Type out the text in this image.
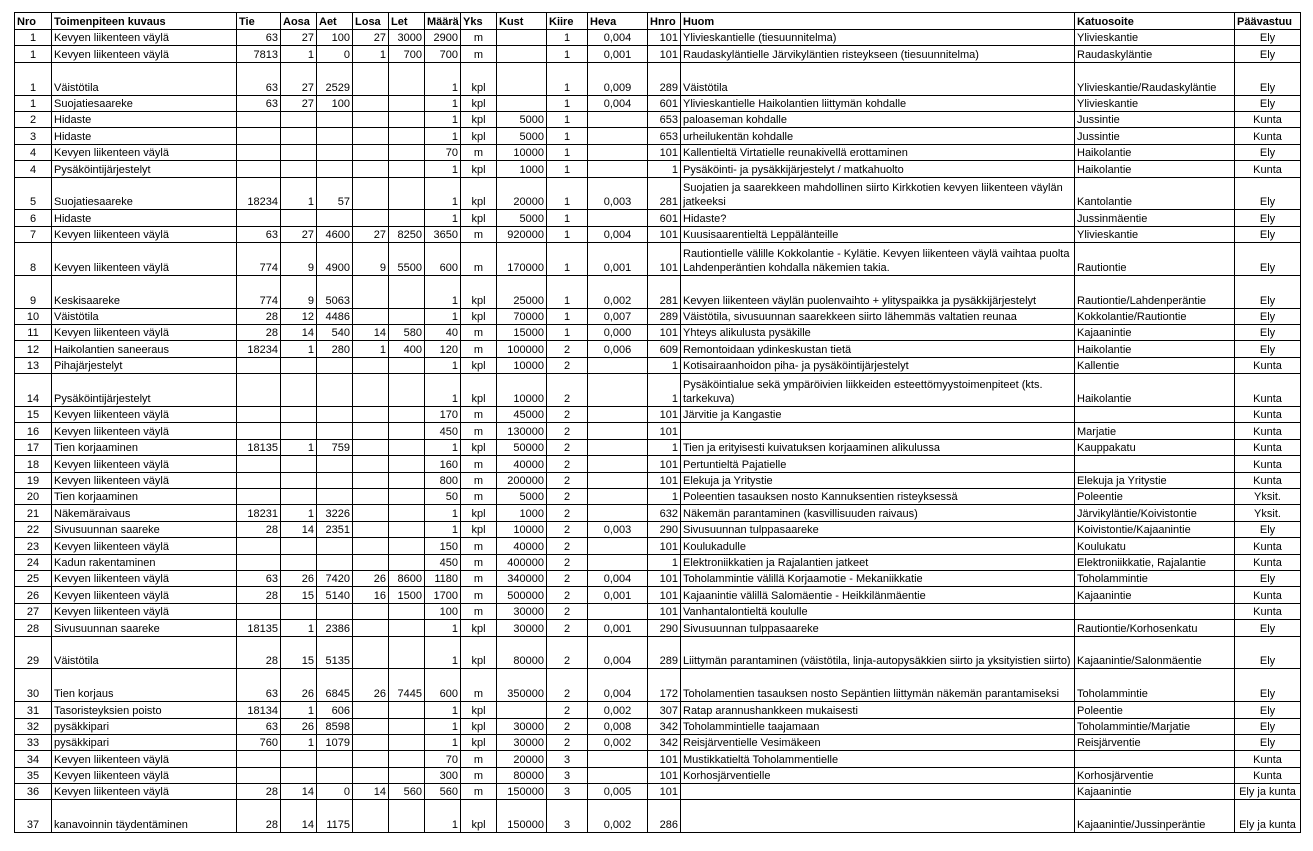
Nro	Toimenpiteen kuvaus	Tie	Aosa	Aet	Losa	Let	Määrä	Yks	Kust	Kiire	Heva	Hnro	Huom	Katuosoite	Päävastuu
1	Kevyen liikenteen väylä	63	27	100	27	3000	2900	m		1	0,004	101	Ylivieskantielle (tiesuunnitelma)	Ylivieskantie	Ely
1	Kevyen liikenteen väylä	7813	1	0	1	700	700	m		1	0,001	101	Raudaskyläntielle Järvikyläntien risteykseen (tiesuunnitelma)	Raudaskyläntie	Ely
1	Väistötila	63	27	2529			1	kpl		1	0,009	289	Väistötila	Ylivieskantie/Raudaskyläntie	Ely
1	Suojatiesaareke	63	27	100			1	kpl		1	0,004	601	Ylivieskantielle Haikolantien liittymän kohdalle	Ylivieskantie	Ely
2	Hidaste						1	kpl	5000	1		653	paloaseman kohdalle	Jussintie	Kunta
3	Hidaste						1	kpl	5000	1		653	urheilukentän kohdalle	Jussintie	Kunta
4	Kevyen liikenteen väylä						70	m	10000	1		101	Kallentieltä Virtatielle reunakivellä erottaminen	Haikolantie	Ely
4	Pysäköintijärjestelyt						1	kpl	1000	1		1	Pysäköinti- ja pysäkkijärjestelyt / matkahuolto	Haikolantie	Kunta
5	Suojatiesaareke	18234	1	57			1	kpl	20000	1	0,003	281	Suojatien ja saarekkeen mahdollinen siirto Kirkkotien kevyen liikenteen väylän jatkeeksi	Kantolantie	Ely
6	Hidaste						1	kpl	5000	1		601	Hidaste?	Jussinmäentie	Ely
7	Kevyen liikenteen väylä	63	27	4600	27	8250	3650	m	920000	1	0,004	101	Kuusisaarentieltä Leppälänteille	Ylivieskantie	Ely
8	Kevyen liikenteen väylä	774	9	4900	9	5500	600	m	170000	1	0,001	101	Rautiontielle välille Kokkolantie - Kylätie. Kevyen liikenteen väylä vaihtaa puolta Lahdenperäntien kohdalla näkemien takia.	Rautiontie	Ely
9	Keskisaareke	774	9	5063			1	kpl	25000	1	0,002	281	Kevyen liikenteen väylän puolenvaihto + ylityspaikka ja pysäkkijärjestelyt	Rautiontie/Lahdenperäntie	Ely
10	Väistötila	28	12	4486			1	kpl	70000	1	0,007	289	Väistötila, sivusuunnan saarekkeen siirto lähemmäs valtatien reunaa	Kokkolantie/Rautiontie	Ely
11	Kevyen liikenteen väylä	28	14	540	14	580	40	m	15000	1	0,000	101	Yhteys alikulusta pysäkille	Kajaanintie	Ely
12	Haikolantien saneeraus	18234	1	280	1	400	120	m	100000	2	0,006	609	Remontoidaan ydinkeskustan tietä	Haikolantie	Ely
13	Pihajärjestelyt						1	kpl	10000	2		1	Kotisairaanhoidon piha- ja pysäköintijärjestelyt	Kallentie	Kunta
14	Pysäköintijärjestelyt						1	kpl	10000	2		1	Pysäköintialue sekä ympäröivien liikkeiden esteettömyystoimenpiteet (kts. tarkekuva)	Haikolantie	Kunta
15	Kevyen liikenteen väylä						170	m	45000	2		101	Järvitie ja Kangastie		Kunta
16	Kevyen liikenteen väylä						450	m	130000	2		101		Marjatie	Kunta
17	Tien korjaaminen	18135	1	759			1	kpl	50000	2		1	Tien ja erityisesti kuivatuksen korjaaminen alikulussa	Kauppakatu	Kunta
18	Kevyen liikenteen väylä						160	m	40000	2		101	Pertuntieltä Pajatielle		Kunta
19	Kevyen liikenteen väylä						800	m	200000	2		101	Elekuja ja Yritystie	Elekuja ja Yritystie	Kunta
20	Tien korjaaminen						50	m	5000	2		1	Poleentien tasauksen nosto Kannuksentien risteyksessä	Poleentie	Yksit.
21	Näkemäraivaus	18231	1	3226			1	kpl	1000	2		632	Näkemän parantaminen (kasvillisuuden raivaus)	Järvikyläntie/Koivistontie	Yksit.
22	Sivusuunnan saareke	28	14	2351			1	kpl	10000	2	0,003	290	Sivusuunnan tulppasaareke	Koivistontie/Kajaanintie	Ely
23	Kevyen liikenteen väylä						150	m	40000	2		101	Koulukadulle	Koulukatu	Kunta
24	Kadun rakentaminen						450	m	400000	2		1	Elektroniikkatien ja Rajalantien jatkeet	Elektroniikkatie, Rajalantie	Kunta
25	Kevyen liikenteen väylä	63	26	7420	26	8600	1180	m	340000	2	0,004	101	Toholammintie välillä Korjaamotie - Mekaniikkatie	Toholammintie	Ely
26	Kevyen liikenteen väylä	28	15	5140	16	1500	1700	m	500000	2	0,001	101	Kajaanintie välillä Salomäentie - Heikkilänmäentie	Kajaanintie	Kunta
27	Kevyen liikenteen väylä						100	m	30000	2		101	Vanhantalontieltä koululle		Kunta
28	Sivusuunnan saareke	18135	1	2386			1	kpl	30000	2	0,001	290	Sivusuunnan tulppasaareke	Rautiontie/Korhosenkatu	Ely
29	Väistötila	28	15	5135			1	kpl	80000	2	0,004	289	Liittymän parantaminen (väistötila, linja-autopysäkkien siirto ja yksityistien siirto)	Kajaanintie/Salonmäentie	Ely
30	Tien korjaus	63	26	6845	26	7445	600	m	350000	2	0,004	172	Toholamentien tasauksen nosto Sepäntien liittymän näkemän parantamiseksi	Toholammintie	Ely
31	Tasoristeyksien poisto	18134	1	606			1	kpl		2	0,002	307	Ratap arannushankkeen mukaisesti	Poleentie	Ely
32	pysäkkipari	63	26	8598			1	kpl	30000	2	0,008	342	Toholammintielle taajamaan	Toholammintie/Marjatie	Ely
33	pysäkkipari	760	1	1079			1	kpl	30000	2	0,002	342	Reisjärventielle Vesimäkeen	Reisjärventie	Ely
34	Kevyen liikenteen väylä						70	m	20000	3		101	Mustikkatieltä Toholammentielle		Kunta
35	Kevyen liikenteen väylä						300	m	80000	3		101	Korhosjärventielle	Korhosjärventie	Kunta
36	Kevyen liikenteen väylä	28	14	0	14	560	560	m	150000	3	0,005	101		Kajaanintie	Ely ja kunta
37	kanavoinnin täydentäminen	28	14	1175			1	kpl	150000	3	0,002	286		Kajaanintie/Jussinperäntie	Ely ja kunta
